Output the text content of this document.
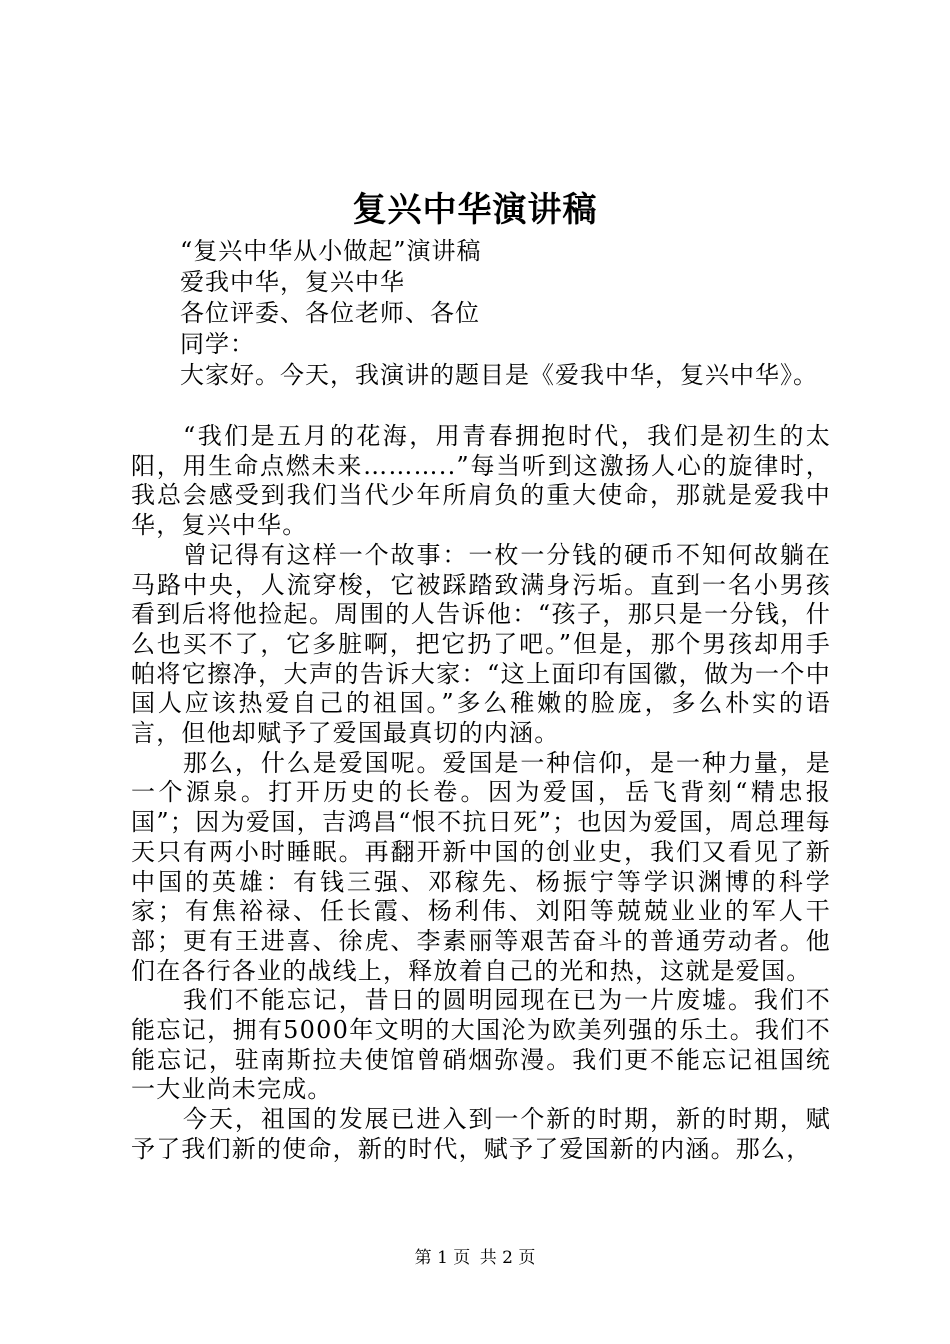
复兴中华演讲稿
“复兴中华从小做起”演讲稿
爱我中华，复兴中华
各位评委、各位老师、各位
同学：
大家好。今天，我演讲的题目是《爱我中华，复兴中华》。

“我们是五月的花海，用青春拥抱时代，我们是初生的太阳，用生命点燃未来………..”每当听到这激扬人心的旋律时，我总会感受到我们当代少年所肩负的重大使命，那就是爱我中华，复兴中华。

曾记得有这样一个故事：一枚一分钱的硬币不知何故躺在马路中央，人流穿梭，它被踩踏致满身污垢。直到一名小男孩看到后将他捡起。周围的人告诉他：“孩子，那只是一分钱，什么也买不了，它多脏啊，把它扔了吧。”但是，那个男孩却用手帕将它擦净，大声的告诉大家：“这上面印有国徽，做为一个中国人应该热爱自己的祖国。”多么稚嫩的脸庞，多么朴实的语言，但他却赋予了爱国最真切的内涵。

那么，什么是爱国呢。爱国是一种信仰，是一种力量，是一个源泉。打开历史的长卷。因为爱国，岳飞背刻“精忠报国”；因为爱国，吉鸿昌“恨不抗日死”；也因为爱国，周总理每天只有两小时睡眠。再翻开新中国的创业史，我们又看见了新中国的英雄：有钱三强、邓稼先、杨振宁等学识渊博的科学家；有焦裕禄、任长霞、杨利伟、刘阳等兢兢业业的军人干部；更有王进喜、徐虎、李素丽等艰苦奋斗的普通劳动者。他们在各行各业的战线上，释放着自己的光和热，这就是爱国。

我们不能忘记，昔日的圆明园现在已为一片废墟。我们不能忘记，拥有5000年文明的大国沦为欧美列强的乐土。我们不能忘记，驻南斯拉夫使馆曾硝烟弥漫。我们更不能忘记祖国统一大业尚未完成。

今天，祖国的发展已进入到一个新的时期，新的时期，赋予了我们新的使命，新的时代，赋予了爱国新的内涵。那么，

第 1 页 共 2 页
